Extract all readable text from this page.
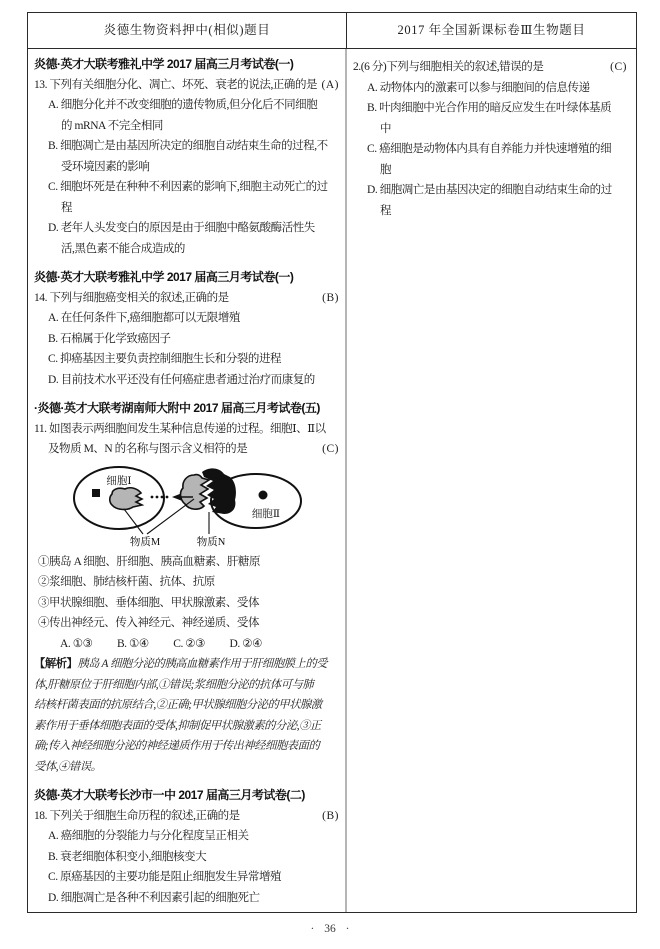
炎德生物资料押中(相似)题目	2017 年全国新课标卷Ⅲ生物题目
炎德·英才大联考雅礼中学 2017 届高三月考试卷(一)
13. 下列有关细胞分化、凋亡、坏死、衰老的说法,正确的是 (A)
A. 细胞分化并不改变细胞的遗传物质,但分化后不同细胞
的 mRNA 不完全相同
B. 细胞凋亡是由基因所决定的细胞自动结束生命的过程,不
受环境因素的影响
C. 细胞坏死是在种种不利因素的影响下,细胞主动死亡的过
程
D. 老年人头发变白的原因是由于细胞中酪氨酸酶活性失
活,黑色素不能合成造成的
炎德·英才大联考雅礼中学 2017 届高三月考试卷(一)
14. 下列与细胞癌变相关的叙述,正确的是	(B)
A. 在任何条件下,癌细胞都可以无限增殖
B. 石棉属于化学致癌因子
C. 抑癌基因主要负责控制细胞生长和分裂的进程
D. 目前技术水平还没有任何癌症患者通过治疗而康复的
·炎德·英才大联考湖南师大附中 2017 届高三月考试卷(五)
11. 如图表示两细胞间发生某种信息传递的过程。细胞Ⅰ、Ⅱ以
及物质 M、N 的名称与图示含义相符的是	(C)
细胞Ⅰ
细胞Ⅱ
物质M	物质N
①胰岛 A 细胞、肝细胞、胰高血糖素、肝糖原
②浆细胞、肺结核杆菌、抗体、抗原
③甲状腺细胞、垂体细胞、甲状腺激素、受体
④传出神经元、传入神经元、神经递质、受体
A. ①③ B. ①④ C. ②③ D. ②④
【解析】胰岛 A 细胞分泌的胰高血糖素作用于肝细胞膜上的受
体,肝糖原位于肝细胞内部,①错误;浆细胞分泌的抗体可与肺
结核杆菌表面的抗原结合,②正确;甲状腺细胞分泌的甲状腺激
素作用于垂体细胞表面的受体,抑制促甲状腺激素的分泌,③正
确;传入神经细胞分泌的神经递质作用于传出神经细胞表面的
受体,④错误。
炎德·英才大联考长沙市一中 2017 届高三月考试卷(二)
18. 下列关于细胞生命历程的叙述,正确的是	(B)
A. 癌细胞的分裂能力与分化程度呈正相关
B. 衰老细胞体积变小,细胞核变大
C. 原癌基因的主要功能是阻止细胞发生异常增殖
D. 细胞凋亡是各种不利因素引起的细胞死亡
2.(6 分)下列与细胞相关的叙述,错误的是	(C)
A. 动物体内的激素可以参与细胞间的信息传递
B. 叶肉细胞中光合作用的暗反应发生在叶绿体基质
中
C. 癌细胞是动物体内具有自养能力并快速增殖的细
胞
D. 细胞凋亡是由基因决定的细胞自动结束生命的过
程
· 36 ·
